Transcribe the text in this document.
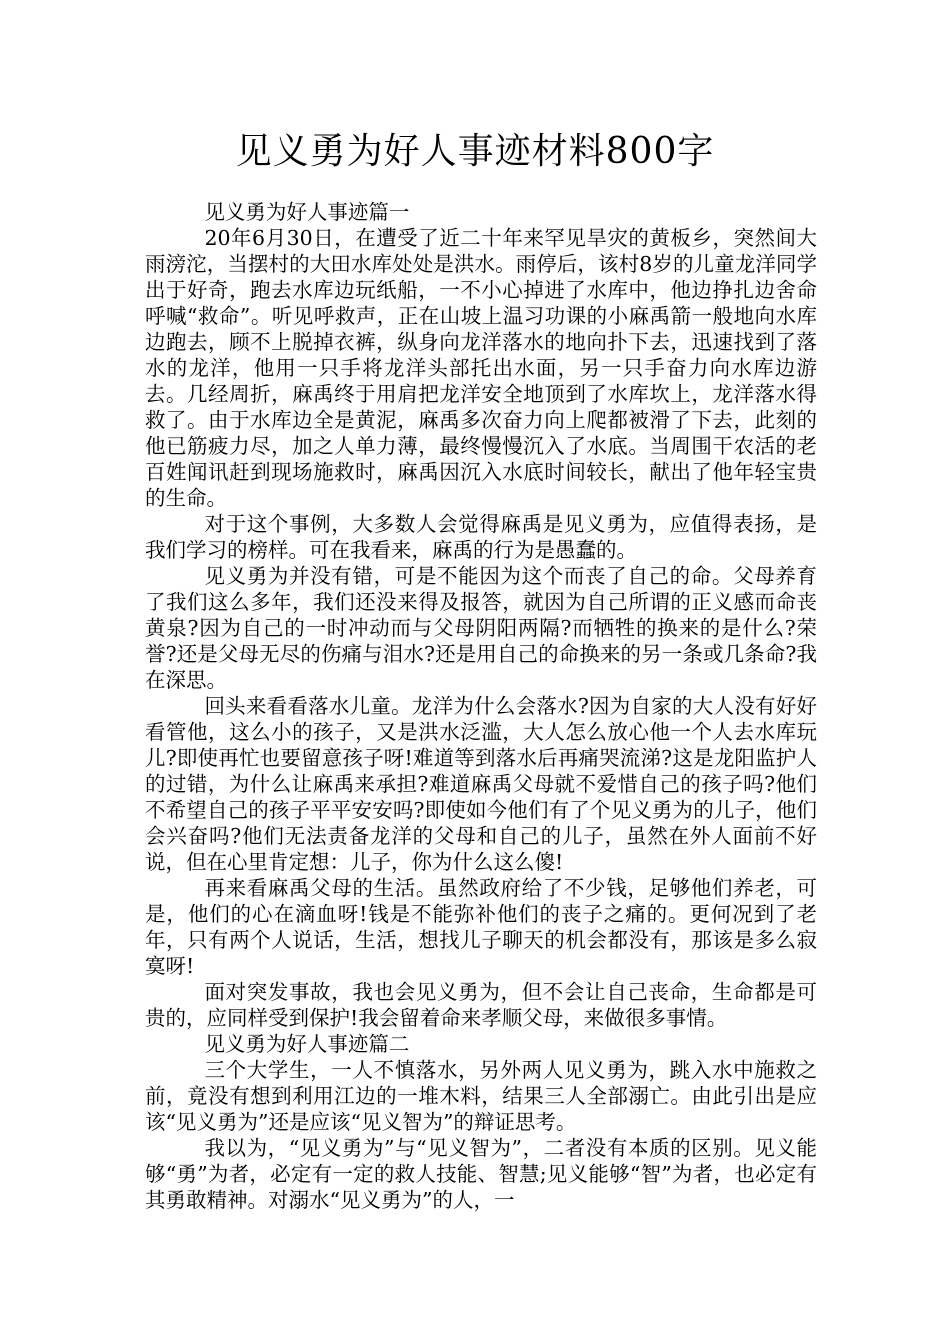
见义勇为好人事迹材料800字

见义勇为好人事迹篇一

20年6月30日，在遭受了近二十年来罕见旱灾的黄板乡，突然间大雨滂沱，当摆村的大田水库处处是洪水。雨停后，该村8岁的儿童龙洋同学出于好奇，跑去水库边玩纸船，一不小心掉进了水库中，他边挣扎边舍命呼喊“救命”。听见呼救声，正在山坡上温习功课的小麻禹箭一般地向水库边跑去，顾不上脱掉衣裤，纵身向龙洋落水的地向扑下去，迅速找到了落水的龙洋，他用一只手将龙洋头部托出水面，另一只手奋力向水库边游去。几经周折，麻禹终于用肩把龙洋安全地顶到了水库坎上，龙洋落水得救了。由于水库边全是黄泥，麻禹多次奋力向上爬都被滑了下去，此刻的他已筋疲力尽，加之人单力薄，最终慢慢沉入了水底。当周围干农活的老百姓闻讯赶到现场施救时，麻禹因沉入水底时间较长，献出了他年轻宝贵的生命。

对于这个事例，大多数人会觉得麻禹是见义勇为，应值得表扬，是我们学习的榜样。可在我看来，麻禹的行为是愚蠢的。

见义勇为并没有错，可是不能因为这个而丧了自己的命。父母养育了我们这么多年，我们还没来得及报答，就因为自己所谓的正义感而命丧黄泉?因为自己的一时冲动而与父母阴阳两隔?而牺牲的换来的是什么?荣誉?还是父母无尽的伤痛与泪水?还是用自己的命换来的另一条或几条命?我在深思。

回头来看看落水儿童。龙洋为什么会落水?因为自家的大人没有好好看管他，这么小的孩子，又是洪水泛滥，大人怎么放心他一个人去水库玩儿?即使再忙也要留意孩子呀!难道等到落水后再痛哭流涕?这是龙阳监护人的过错，为什么让麻禹来承担?难道麻禹父母就不爱惜自己的孩子吗?他们不希望自己的孩子平平安安吗?即使如今他们有了个见义勇为的儿子，他们会兴奋吗?他们无法责备龙洋的父母和自己的儿子，虽然在外人面前不好说，但在心里肯定想：儿子，你为什么这么傻!

再来看麻禹父母的生活。虽然政府给了不少钱，足够他们养老，可是，他们的心在滴血呀!钱是不能弥补他们的丧子之痛的。更何况到了老年，只有两个人说话，生活，想找儿子聊天的机会都没有，那该是多么寂寞呀!

面对突发事故，我也会见义勇为，但不会让自己丧命，生命都是可贵的，应同样受到保护!我会留着命来孝顺父母，来做很多事情。

见义勇为好人事迹篇二

三个大学生，一人不慎落水，另外两人见义勇为，跳入水中施救之前，竟没有想到利用江边的一堆木料，结果三人全部溺亡。由此引出是应该“见义勇为”还是应该“见义智为”的辩证思考。

我以为，“见义勇为”与“见义智为”，二者没有本质的区别。见义能够“勇”为者，必定有一定的救人技能、智慧;见义能够“智”为者，也必定有其勇敢精神。对溺水“见义勇为”的人，一
